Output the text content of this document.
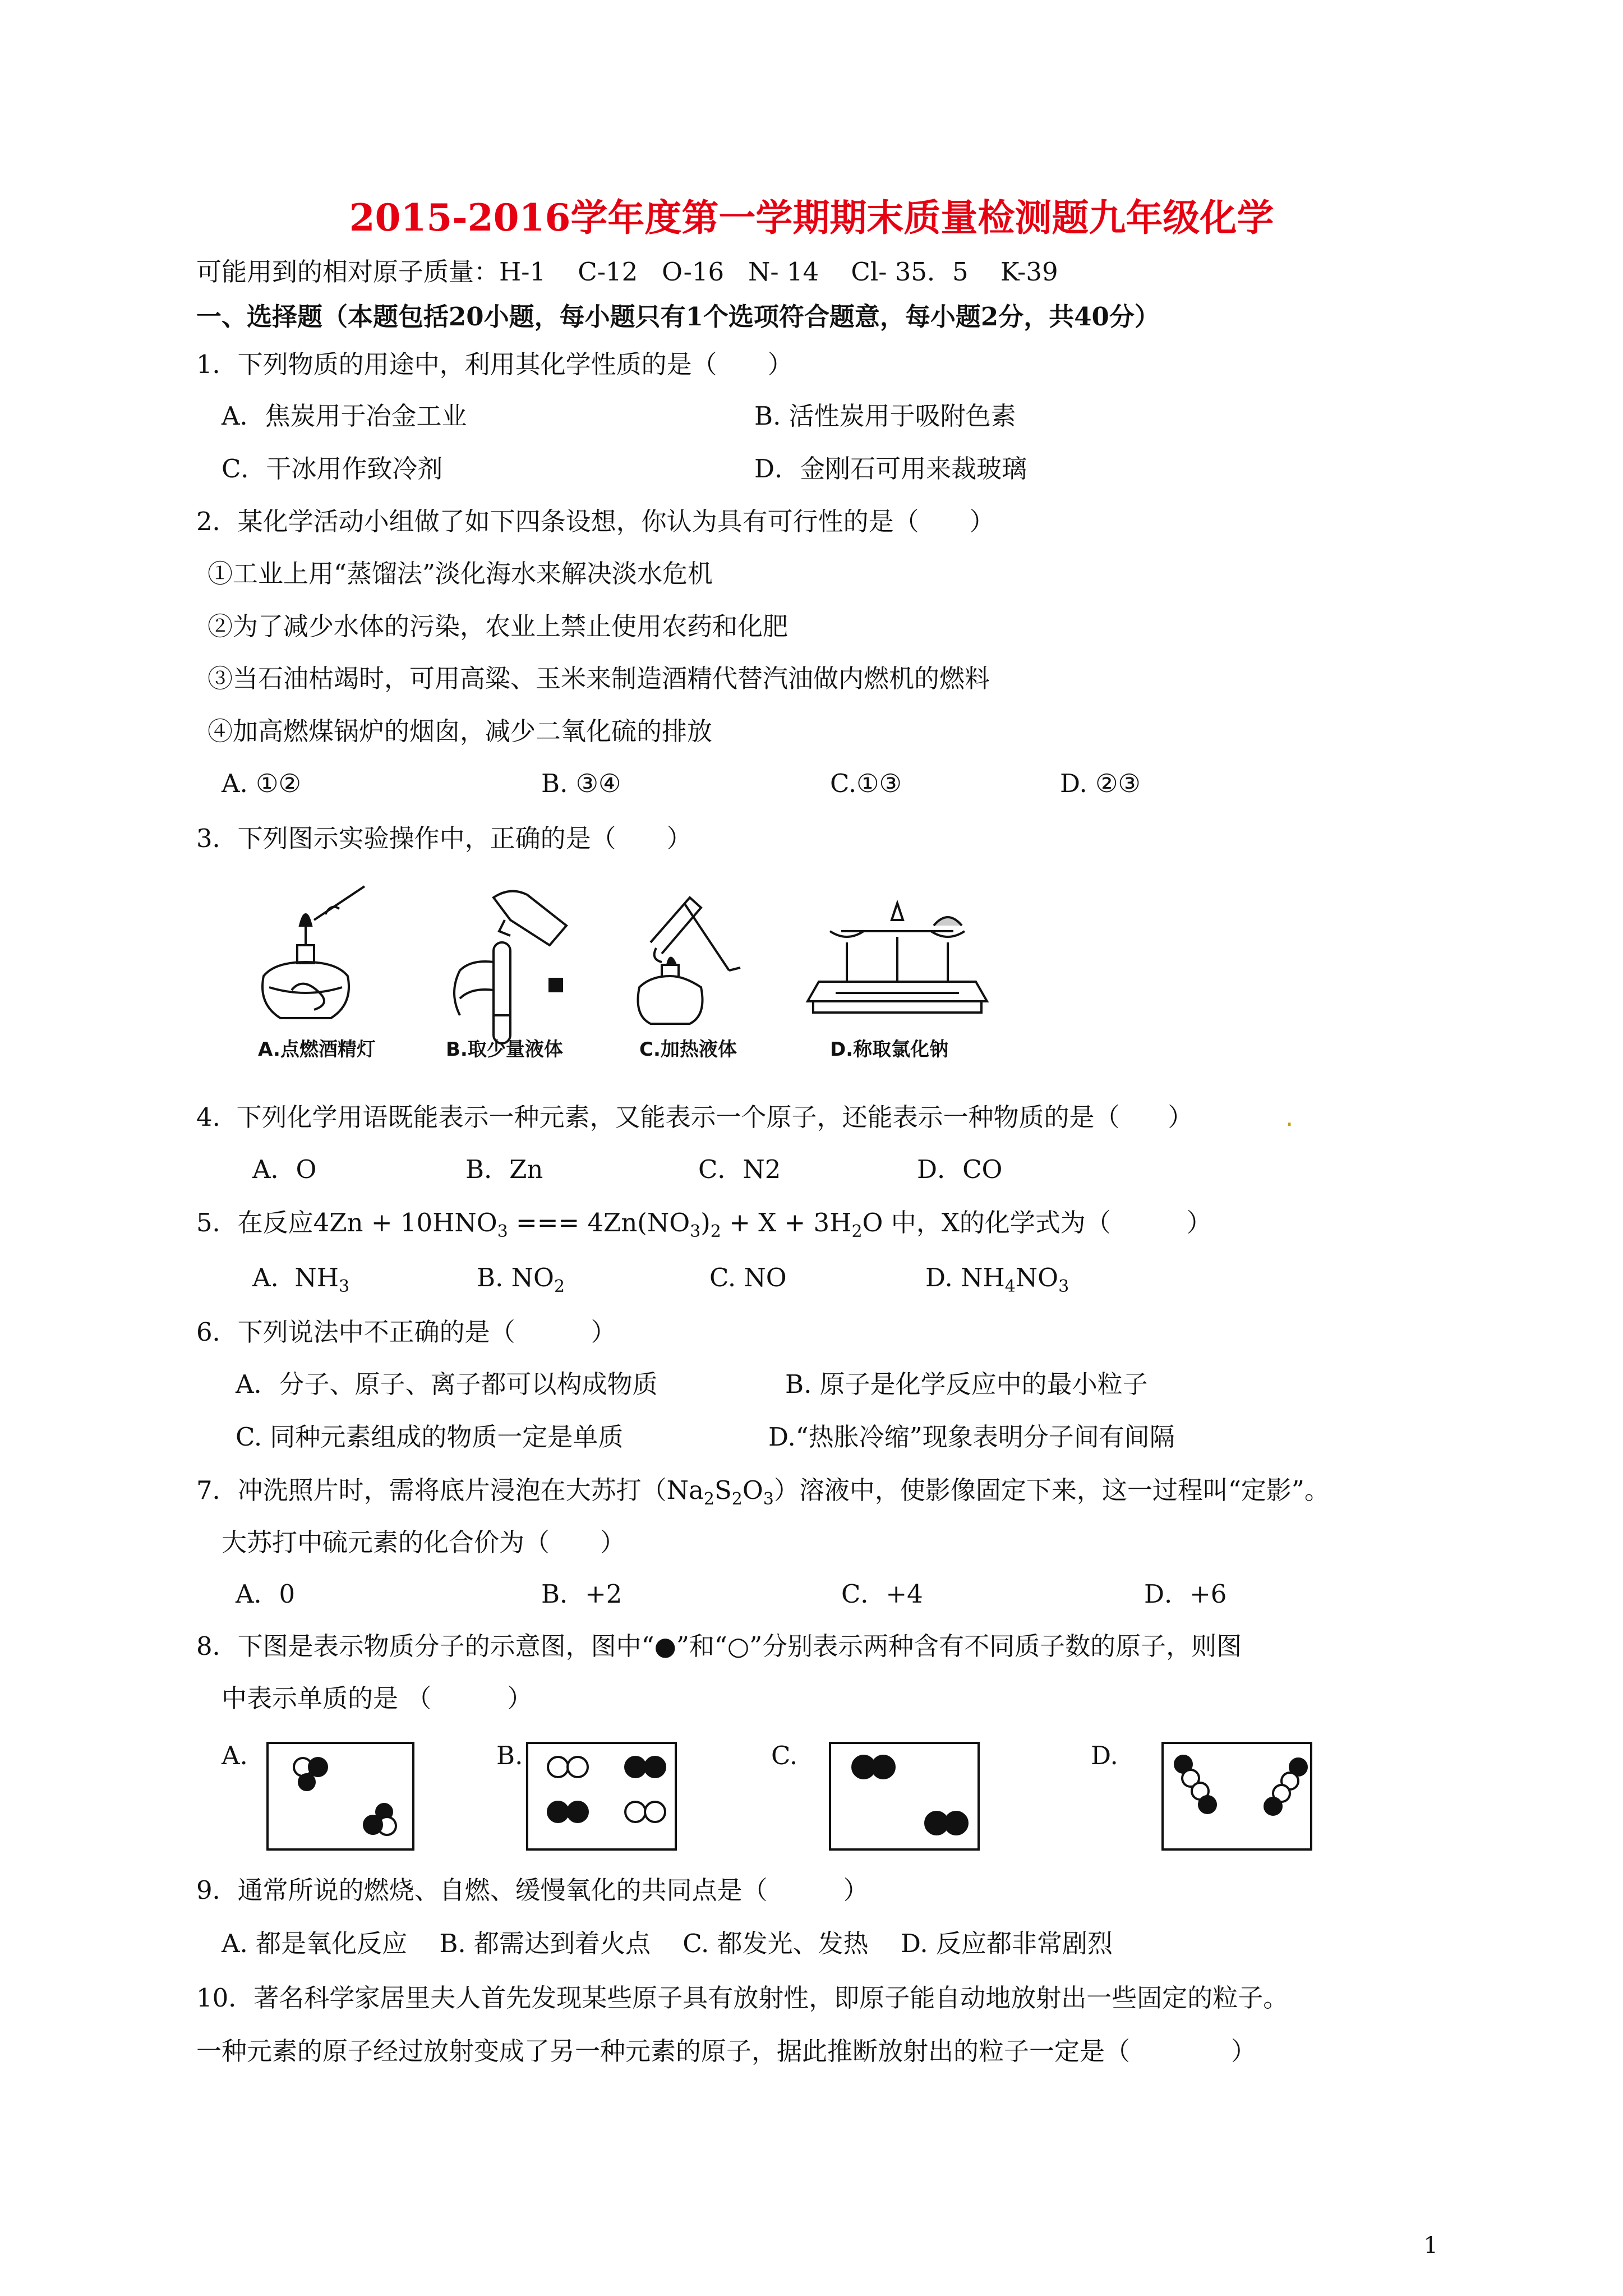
2015-2016学年度第一学期期末质量检测题九年级化学
可能用到的相对原子质量：H-1    C-12   O-16   N- 14    Cl- 35．5    K-39
一、选择题（本题包括20小题，每小题只有1个选项符合题意，每小题2分，共40分）
1．下列物质的用途中，利用其化学性质的是（　　）
A．焦炭用于冶金工业	B. 活性炭用于吸附色素
C．干冰用作致冷剂	D．金刚石可用来裁玻璃
2．某化学活动小组做了如下四条设想，你认为具有可行性的是（　　）
①工业上用“蒸馏法”淡化海水来解决淡水危机
②为了减少水体的污染，农业上禁止使用农药和化肥
③当石油枯竭时，可用高粱、玉米来制造酒精代替汽油做内燃机的燃料
④加高燃煤锅炉的烟囱，减少二氧化硫的排放
A. ①②	B. ③④	C.①③	D. ②③
3．下列图示实验操作中，正确的是（　　）
A.点燃酒精灯	B.取少量液体	C.加热液体	D.称取氯化钠
4.  下列化学用语既能表示一种元素，又能表示一个原子，还能表示一种物质的是（      ）	.
A．O	B．Zn	C．N2	D．CO
5．在反应$4Zn + 10HNO_3$ === $4Zn(NO_3)_2 + X + 3H_2O$ 中，X的化学式为（　　　）
A.  $NH_3$	B. $NO_2$	C. NO	D. $NH_4NO_3$
6．下列说法中不正确的是（　　　）
A．分子、原子、离子都可以构成物质	B. 原子是化学反应中的最小粒子
C. 同种元素组成的物质一定是单质	D.“热胀冷缩”现象表明分子间有间隔
7．冲洗照片时，需将底片浸泡在大苏打$(Na_2S_2O_3)$溶液中，使影像固定下来，这一过程叫“定影”。
大苏打中硫元素的化合价为（　　）
A．0	B．+2	C．+4	D．+6
8．下图是表示物质分子的示意图，图中“●”和“○”分别表示两种含有不同质子数的原子，则图
中表示单质的是 （　　　）
A.	B.	C.	D.
9．通常所说的燃烧、自燃、缓慢氧化的共同点是（　　　）
A. 都是氧化反应    B. 都需达到着火点    C. 都发光、发热    D. 反应都非常剧烈
10．著名科学家居里夫人首先发现某些原子具有放射性，即原子能自动地放射出一些固定的粒子。
一种元素的原子经过放射变成了另一种元素的原子，据此推断放射出的粒子一定是（　　　　）
1
